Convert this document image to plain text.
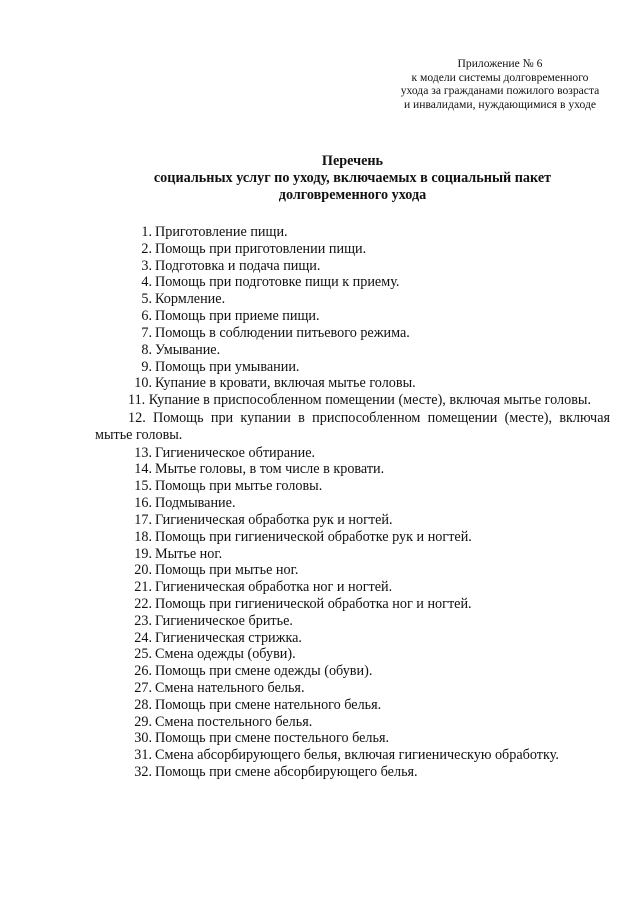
Приложение № 6
к модели системы долговременного
ухода за гражданами пожилого возраста
и инвалидами, нуждающимися в уходе
Перечень
социальных услуг по уходу, включаемых в социальный пакет
долговременного ухода
1. Приготовление пищи.
2. Помощь при приготовлении пищи.
3. Подготовка и подача пищи.
4. Помощь при подготовке пищи к приему.
5. Кормление.
6. Помощь при приеме пищи.
7. Помощь в соблюдении питьевого режима.
8. Умывание.
9. Помощь при умывании.
10. Купание в кровати, включая мытье головы.
11. Купание в приспособленном помещении (месте), включая мытье головы.
12. Помощь при купании в приспособленном помещении (месте), включая мытье головы.
13. Гигиеническое обтирание.
14. Мытье головы, в том числе в кровати.
15. Помощь при мытье головы.
16. Подмывание.
17. Гигиеническая обработка рук и ногтей.
18. Помощь при гигиенической обработке рук и ногтей.
19. Мытье ног.
20. Помощь при мытье ног.
21. Гигиеническая обработка ног и ногтей.
22. Помощь при гигиенической обработка ног и ногтей.
23. Гигиеническое бритье.
24. Гигиеническая стрижка.
25. Смена одежды (обуви).
26. Помощь при смене одежды (обуви).
27. Смена нательного белья.
28. Помощь при смене нательного белья.
29. Смена постельного белья.
30. Помощь при смене постельного белья.
31. Смена абсорбирующего белья, включая гигиеническую обработку.
32. Помощь при смене абсорбирующего белья.
